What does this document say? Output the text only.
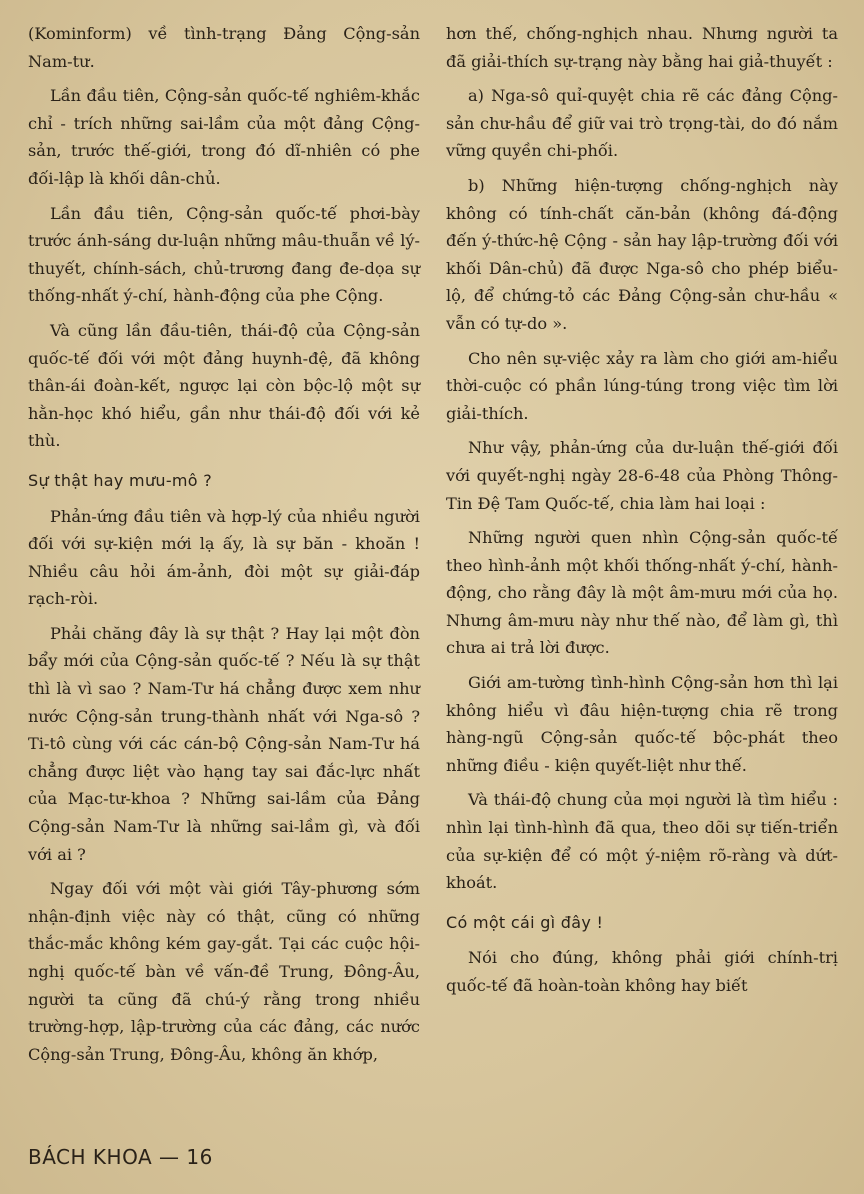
(Kominform) về tình-trạng Đảng Cộng-sản Nam-tư.

Lần đầu tiên, Cộng-sản quốc-tế nghiêm-khắc chỉ - trích những sai-lầm của một đảng Cộng-sản, trước thế-giới, trong đó dĩ-nhiên có phe đối-lập là khối dân-chủ.

Lần đầu tiên, Cộng-sản quốc-tế phơi-bày trước ánh-sáng dư-luận những mâu-thuẫn về lý-thuyết, chính-sách, chủ-trương đang đe-dọa sự thống-nhất ý-chí, hành-động của phe Cộng.

Và cũng lần đầu-tiên, thái-độ của Cộng-sản quốc-tế đối với một đảng huynh-đệ, đã không thân-ái đoàn-kết, ngược lại còn bộc-lộ một sự hằn-học khó hiểu, gần như thái-độ đối với kẻ thù.

Sự thật hay mưu-mô ?

Phản-ứng đầu tiên và hợp-lý của nhiều người đối với sự-kiện mới lạ ấy, là sự băn - khoăn ! Nhiều câu hỏi ám-ảnh, đòi một sự giải-đáp rạch-ròi.

Phải chăng đây là sự thật ? Hay lại một đòn bẩy mới của Cộng-sản quốc-tế ? Nếu là sự thật thì là vì sao ? Nam-Tư há chẳng được xem như nước Cộng-sản trung-thành nhất với Nga-sô ? Ti-tô cùng với các cán-bộ Cộng-sản Nam-Tư há chẳng được liệt vào hạng tay sai đắc-lực nhất của Mạc-tư-khoa ? Những sai-lầm của Đảng Cộng-sản Nam-Tư là những sai-lầm gì, và đối với ai ?

Ngay đối với một vài giới Tây-phương sớm nhận-định việc này có thật, cũng có những thắc-mắc không kém gay-gắt. Tại các cuộc hội-nghị quốc-tế bàn về vấn-đề Trung, Đông-Âu, người ta cũng đã chú-ý rằng trong nhiều trường-hợp, lập-trường của các đảng, các nước Cộng-sản Trung, Đông-Âu, không ăn khớp,

hơn thế, chống-nghịch nhau. Nhưng người ta đã giải-thích sự-trạng này bằng hai giả-thuyết :

a) Nga-sô quỉ-quyệt chia rẽ các đảng Cộng-sản chư-hầu để giữ vai trò trọng-tài, do đó nắm vững quyền chi-phối.

b) Những hiện-tượng chống-nghịch này không có tính-chất căn-bản (không đá-động đến ý-thức-hệ Cộng - sản hay lập-trường đối với khối Dân-chủ) đã được Nga-sô cho phép biểu-lộ, để chứng-tỏ các Đảng Cộng-sản chư-hầu « vẫn có tự-do ».

Cho nên sự-việc xảy ra làm cho giới am-hiểu thời-cuộc có phần lúng-túng trong việc tìm lời giải-thích.

Như vậy, phản-ứng của dư-luận thế-giới đối với quyết-nghị ngày 28-6-48 của Phòng Thông-Tin Đệ Tam Quốc-tế, chia làm hai loại :

Những người quen nhìn Cộng-sản quốc-tế theo hình-ảnh một khối thống-nhất ý-chí, hành-động, cho rằng đây là một âm-mưu mới của họ. Nhưng âm-mưu này như thế nào, để làm gì, thì chưa ai trả lời được.

Giới am-tường tình-hình Cộng-sản hơn thì lại không hiểu vì đâu hiện-tượng chia rẽ trong hàng-ngũ Cộng-sản quốc-tế bộc-phát theo những điều - kiện quyết-liệt như thế.

Và thái-độ chung của mọi người là tìm hiểu : nhìn lại tình-hình đã qua, theo dõi sự tiến-triển của sự-kiện để có một ý-niệm rõ-ràng và dứt-khoát.

Có một cái gì đây !

Nói cho đúng, không phải giới chính-trị quốc-tế đã hoàn-toàn không hay biết

BÁCH KHOA — 16
